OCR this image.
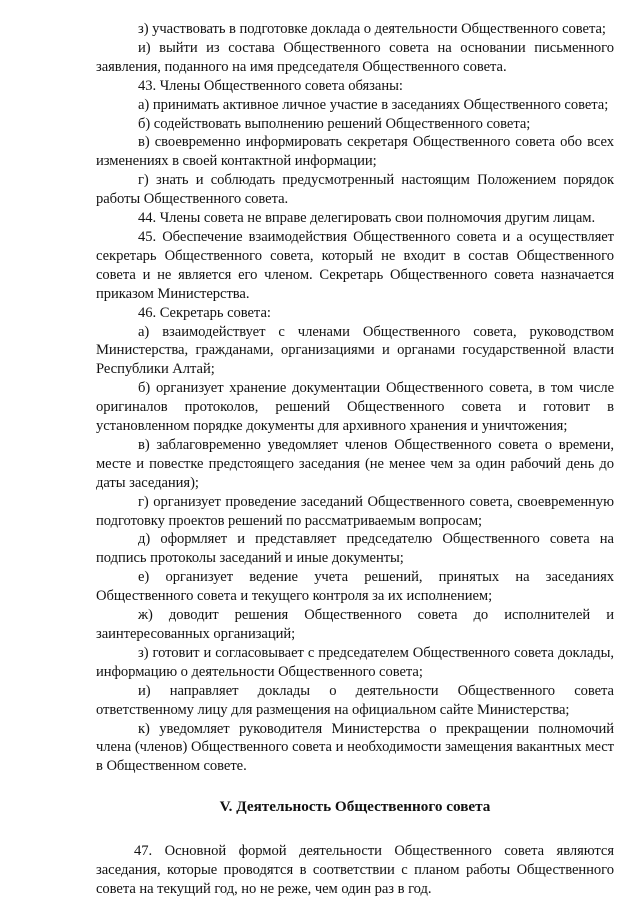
з) участвовать в подготовке доклада о деятельности Общественного совета;

и) выйти из состава Общественного совета на основании письменного заявления, поданного на имя председателя Общественного совета.

43. Члены Общественного совета обязаны:

а) принимать активное личное участие в заседаниях Общественного совета;

б) содействовать выполнению решений Общественного совета;

в) своевременно информировать секретаря Общественного совета обо всех изменениях в своей контактной информации;

г) знать и соблюдать предусмотренный настоящим Положением порядок работы Общественного совета.

44. Члены совета не вправе делегировать свои полномочия другим лицам.

45. Обеспечение взаимодействия Общественного совета и а осуществляет секретарь Общественного совета, который не входит в состав Общественного совета и не является его членом. Секретарь Общественного совета назначается приказом Министерства.

46. Секретарь совета:

а) взаимодействует с членами Общественного совета, руководством Министерства, гражданами, организациями и органами государственной власти Республики Алтай;

б) организует хранение документации Общественного совета, в том числе оригиналов протоколов, решений Общественного совета и готовит в установленном порядке документы для архивного хранения и уничтожения;

в) заблаговременно уведомляет членов Общественного совета о времени, месте и повестке предстоящего заседания (не менее чем за один рабочий день до даты заседания);

г) организует проведение заседаний Общественного совета, своевременную подготовку проектов решений по рассматриваемым вопросам;

д) оформляет и представляет председателю Общественного совета на подпись протоколы заседаний и иные документы;

е) организует ведение учета решений, принятых на заседаниях Общественного совета и текущего контроля за их исполнением;

ж) доводит решения Общественного совета до исполнителей и заинтересованных организаций;

з) готовит и согласовывает с председателем Общественного совета доклады, информацию о деятельности Общественного совета;

и) направляет доклады о деятельности Общественного совета ответственному лицу для размещения на официальном сайте Министерства;

к) уведомляет руководителя Министерства о прекращении полномочий члена (членов) Общественного совета и необходимости замещения вакантных мест в Общественном совете.

V. Деятельность Общественного совета

47. Основной формой деятельности Общественного совета являются заседания, которые проводятся в соответствии с планом работы Общественного совета на текущий год, но не реже, чем один раз в год.
